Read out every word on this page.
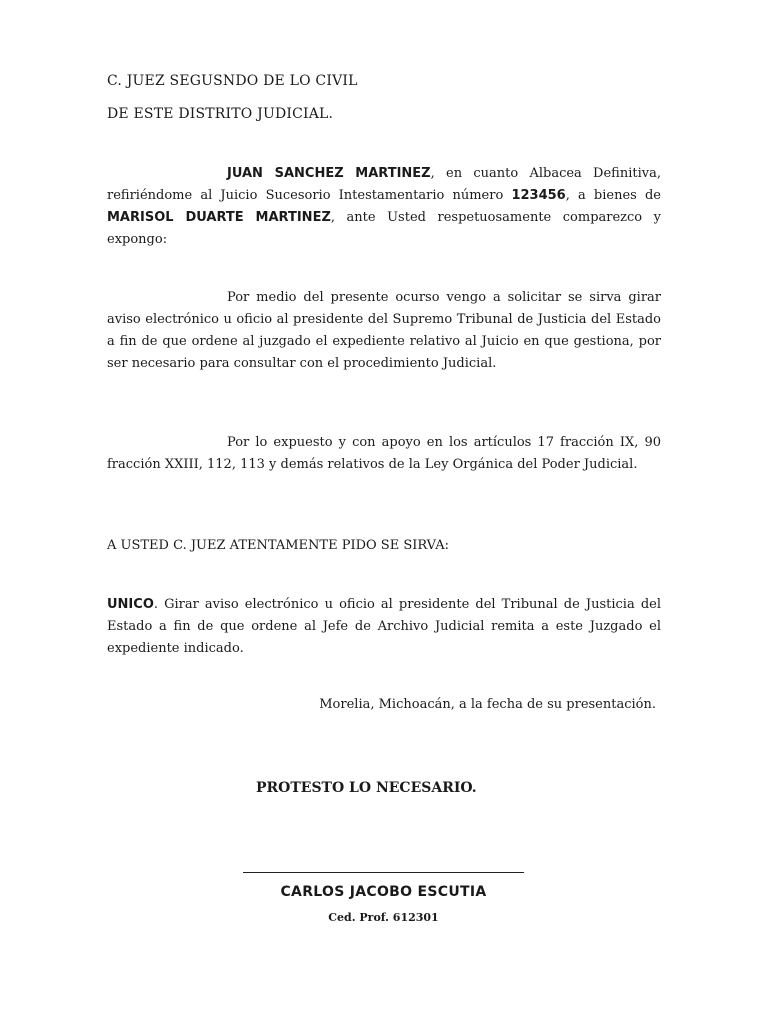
C. JUEZ SEGUSNDO DE LO CIVIL
DE ESTE DISTRITO JUDICIAL.

JUAN SANCHEZ MARTINEZ, en cuanto Albacea Definitiva, refiriéndome al Juicio Sucesorio Intestamentario número 123456, a bienes de MARISOL DUARTE MARTINEZ, ante Usted respetuosamente comparezco y expongo:

Por medio del presente ocurso vengo a solicitar se sirva girar aviso electrónico u oficio al presidente del Supremo Tribunal de Justicia del Estado a fin de que ordene al juzgado el expediente relativo al Juicio en que gestiona, por ser necesario para consultar con el procedimiento Judicial.

Por lo expuesto y con apoyo en los artículos 17 fracción IX, 90 fracción XXIII, 112, 113 y demás relativos de la Ley Orgánica del Poder Judicial.

A USTED C. JUEZ ATENTAMENTE PIDO SE SIRVA:

UNICO. Girar aviso electrónico u oficio al presidente del Tribunal de Justicia del Estado a fin de que ordene al Jefe de Archivo Judicial remita a este Juzgado el expediente indicado.

Morelia, Michoacán, a la fecha de su presentación.
PROTESTO LO NECESARIO.
CARLOS JACOBO ESCUTIA
Ced. Prof. 612301
